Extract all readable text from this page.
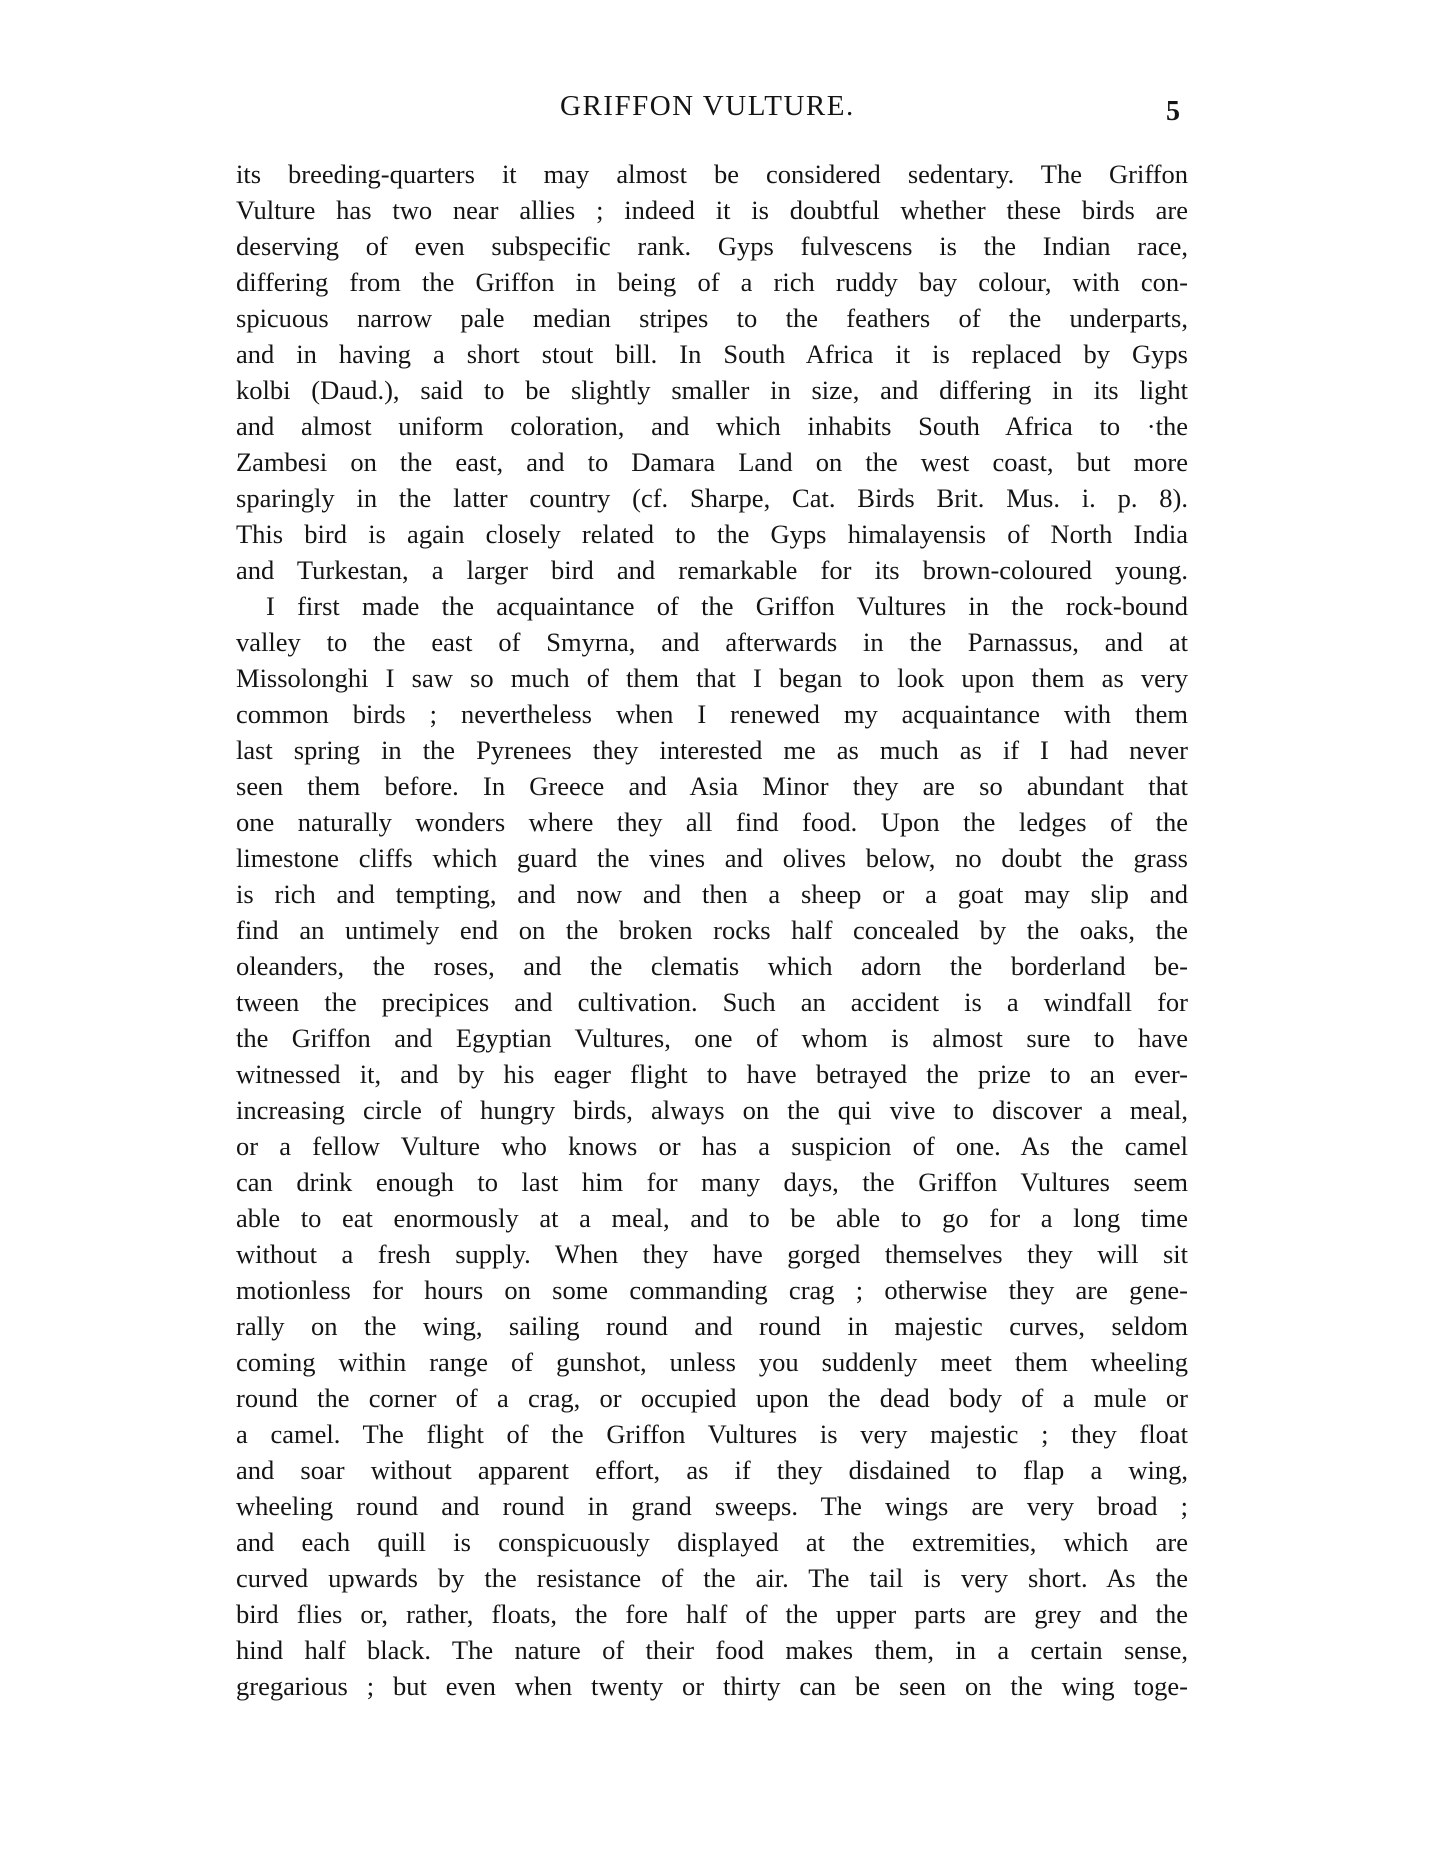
GRIFFON VULTURE.	5
its breeding-quarters it may almost be considered sedentary. The Griffon
Vulture has two near allies ; indeed it is doubtful whether these birds are
deserving of even subspecific rank. Gyps fulvescens is the Indian race,
differing from the Griffon in being of a rich ruddy bay colour, with con-
spicuous narrow pale median stripes to the feathers of the underparts,
and in having a short stout bill. In South Africa it is replaced by Gyps
kolbi (Daud.), said to be slightly smaller in size, and differing in its light
and almost uniform coloration, and which inhabits South Africa to ·the
Zambesi on the east, and to Damara Land on the west coast, but more
sparingly in the latter country (cf. Sharpe, Cat. Birds Brit. Mus. i. p. 8).
This bird is again closely related to the Gyps himalayensis of North India
and Turkestan, a larger bird and remarkable for its brown-coloured young.
I first made the acquaintance of the Griffon Vultures in the rock-bound
valley to the east of Smyrna, and afterwards in the Parnassus, and at
Missolonghi I saw so much of them that I began to look upon them as very
common birds ; nevertheless when I renewed my acquaintance with them
last spring in the Pyrenees they interested me as much as if I had never
seen them before. In Greece and Asia Minor they are so abundant that
one naturally wonders where they all find food. Upon the ledges of the
limestone cliffs which guard the vines and olives below, no doubt the grass
is rich and tempting, and now and then a sheep or a goat may slip and
find an untimely end on the broken rocks half concealed by the oaks, the
oleanders, the roses, and the clematis which adorn the borderland be-
tween the precipices and cultivation. Such an accident is a windfall for
the Griffon and Egyptian Vultures, one of whom is almost sure to have
witnessed it, and by his eager flight to have betrayed the prize to an ever-
increasing circle of hungry birds, always on the qui vive to discover a meal,
or a fellow Vulture who knows or has a suspicion of one. As the camel
can drink enough to last him for many days, the Griffon Vultures seem
able to eat enormously at a meal, and to be able to go for a long time
without a fresh supply. When they have gorged themselves they will sit
motionless for hours on some commanding crag ; otherwise they are gene-
rally on the wing, sailing round and round in majestic curves, seldom
coming within range of gunshot, unless you suddenly meet them wheeling
round the corner of a crag, or occupied upon the dead body of a mule or
a camel. The flight of the Griffon Vultures is very majestic ; they float
and soar without apparent effort, as if they disdained to flap a wing,
wheeling round and round in grand sweeps. The wings are very broad ;
and each quill is conspicuously displayed at the extremities, which are
curved upwards by the resistance of the air. The tail is very short. As the
bird flies or, rather, floats, the fore half of the upper parts are grey and the
hind half black. The nature of their food makes them, in a certain sense,
gregarious ; but even when twenty or thirty can be seen on the wing toge-
